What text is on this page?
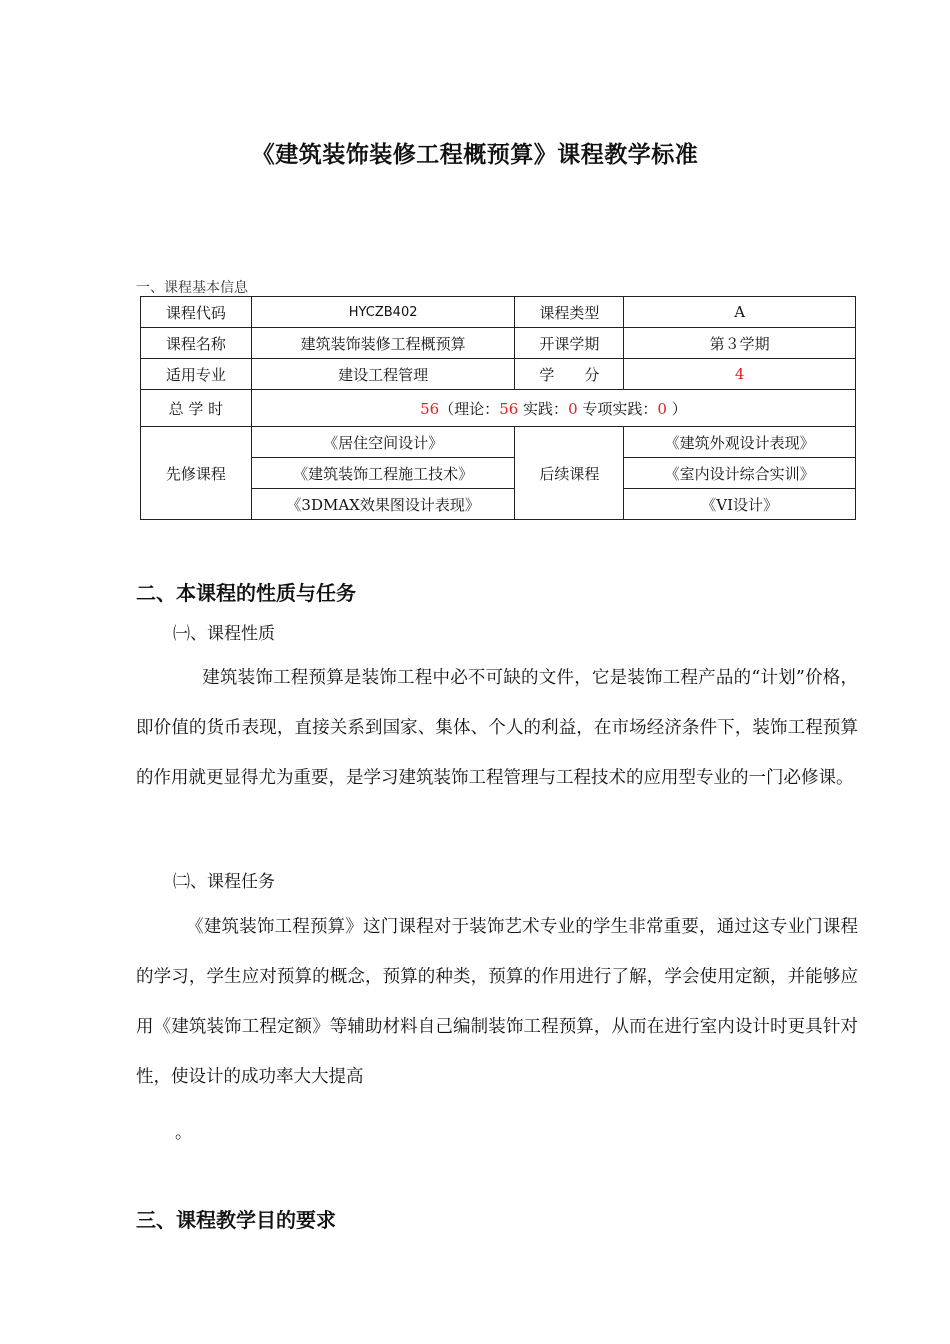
《建筑装饰装修工程概预算》课程教学标准
一、课程基本信息
课程代码	HYCZB402	课程类型	A
课程名称	建筑装饰装修工程概预算	开课学期	第３学期
适用专业	建设工程管理	学　　分	4
总 学 时	56（理论：56 实践：0 专项实践：0 ）		
先修课程	《居住空间设计》	后续课程	《建筑外观设计表现》
	《建筑装饰工程施工技术》		《室内设计综合实训》
	《3DMAX效果图设计表现》		《VI设计》
二、本课程的性质与任务
㈠、课程性质
建筑装饰工程预算是装饰工程中必不可缺的文件，它是装饰工程产品的“计划”价格，即价值的货币表现，直接关系到国家、集体、个人的利益，在市场经济条件下，装饰工程预算的作用就更显得尤为重要，是学习建筑装饰工程管理与工程技术的应用型专业的一门必修课。
㈡、课程任务
《建筑装饰工程预算》这门课程对于装饰艺术专业的学生非常重要，通过这专业门课程的学习，学生应对预算的概念，预算的种类，预算的作用进行了解，学会使用定额，并能够应用《建筑装饰工程定额》等辅助材料自己编制装饰工程预算，从而在进行室内设计时更具针对性，使设计的成功率大大提高
。
三、课程教学目的要求
